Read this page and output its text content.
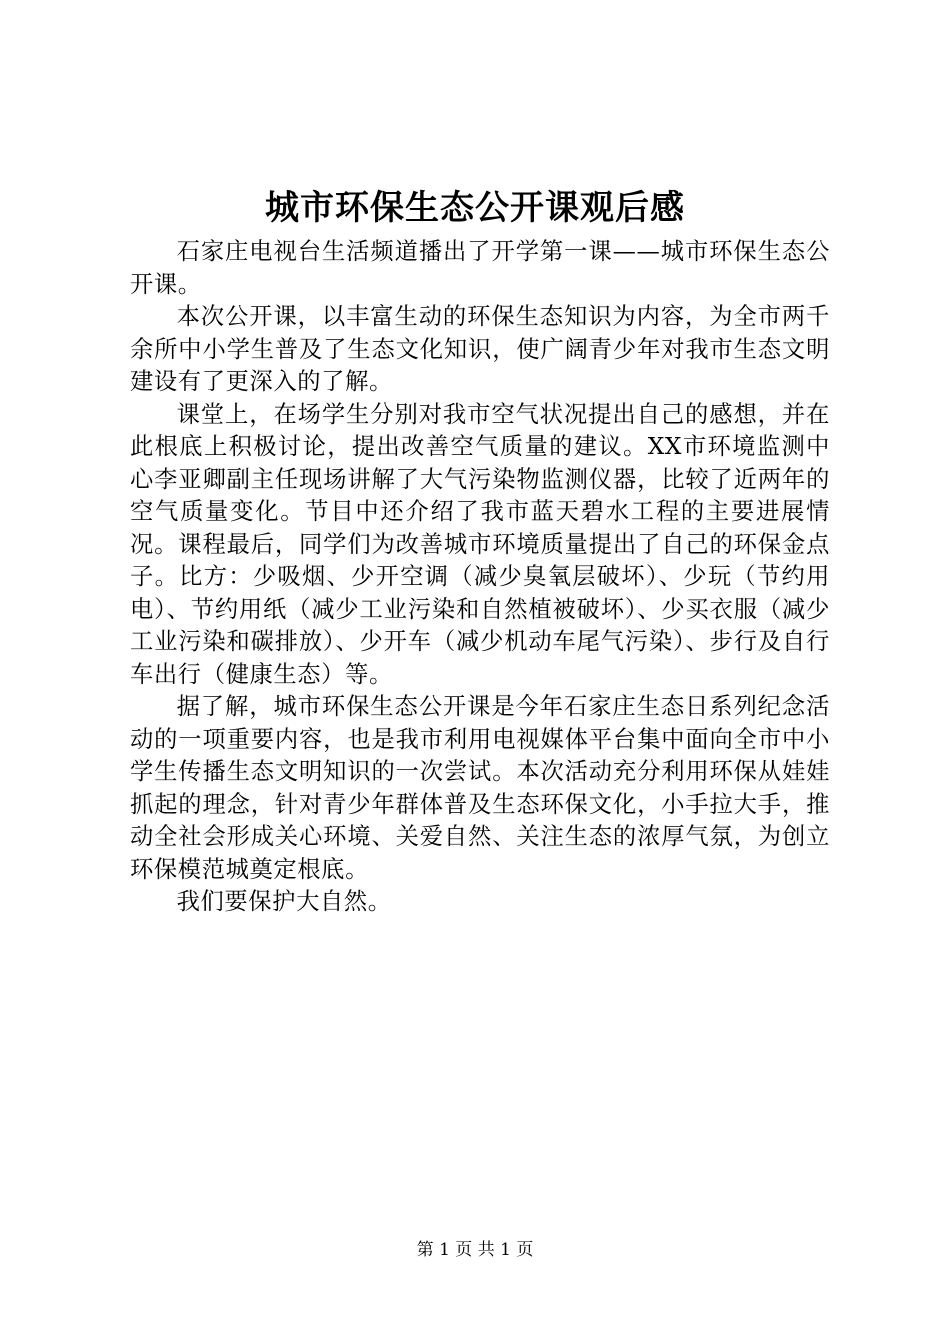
城市环保生态公开课观后感

石家庄电视台生活频道播出了开学第一课——城市环保生态公开课。

本次公开课，以丰富生动的环保生态知识为内容，为全市两千余所中小学生普及了生态文化知识，使广阔青少年对我市生态文明建设有了更深入的了解。

课堂上，在场学生分别对我市空气状况提出自己的感想，并在此根底上积极讨论，提出改善空气质量的建议。XX市环境监测中心李亚卿副主任现场讲解了大气污染物监测仪器，比较了近两年的空气质量变化。节目中还介绍了我市蓝天碧水工程的主要进展情况。课程最后，同学们为改善城市环境质量提出了自己的环保金点子。比方：少吸烟、少开空调（减少臭氧层破坏）、少玩（节约用电）、节约用纸（减少工业污染和自然植被破坏）、少买衣服（减少工业污染和碳排放）、少开车（减少机动车尾气污染）、步行及自行车出行（健康生态）等。

据了解，城市环保生态公开课是今年石家庄生态日系列纪念活动的一项重要内容，也是我市利用电视媒体平台集中面向全市中小学生传播生态文明知识的一次尝试。本次活动充分利用环保从娃娃抓起的理念，针对青少年群体普及生态环保文化，小手拉大手，推动全社会形成关心环境、关爱自然、关注生态的浓厚气氛，为创立环保模范城奠定根底。

我们要保护大自然。

第 1 页 共 1 页
